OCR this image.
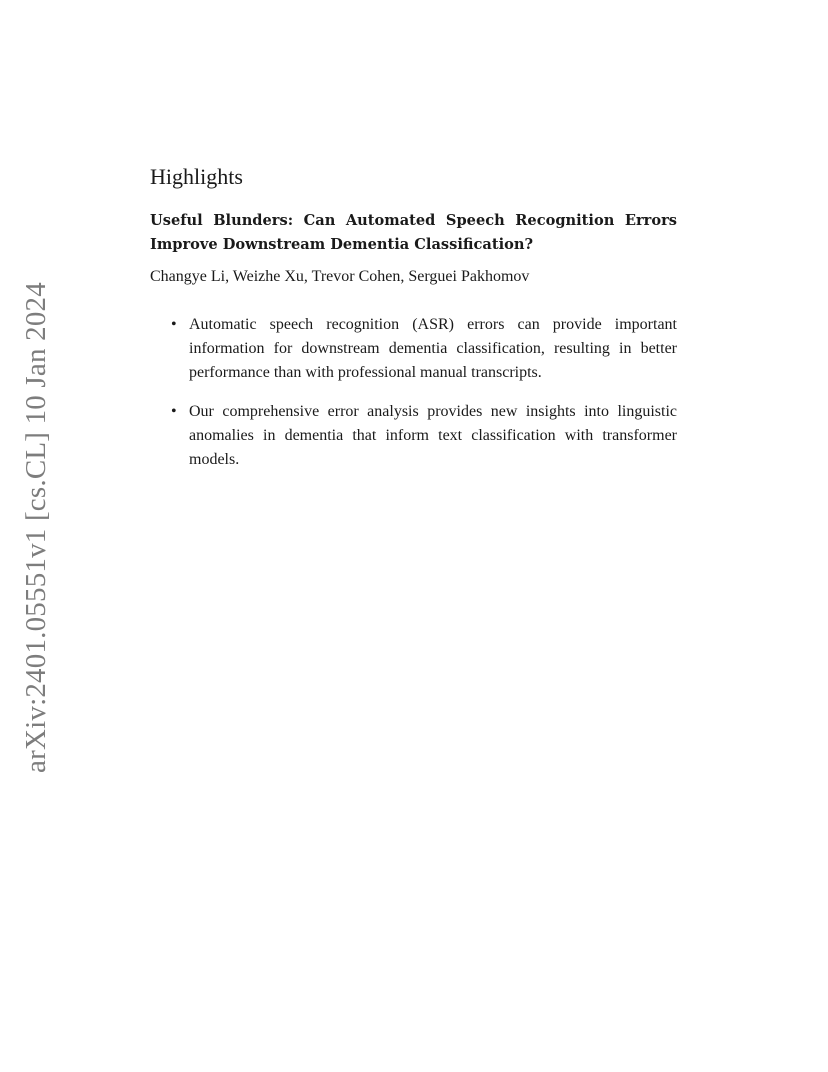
arXiv:2401.05551v1 [cs.CL] 10 Jan 2024
Highlights
Useful Blunders: Can Automated Speech Recognition Errors Improve Downstream Dementia Classification?

Changye Li, Weizhe Xu, Trevor Cohen, Serguei Pakhomov

• Automatic speech recognition (ASR) errors can provide important information for downstream dementia classification, resulting in better performance than with professional manual transcripts.
• Our comprehensive error analysis provides new insights into linguistic anomalies in dementia that inform text classification with transformer models.
